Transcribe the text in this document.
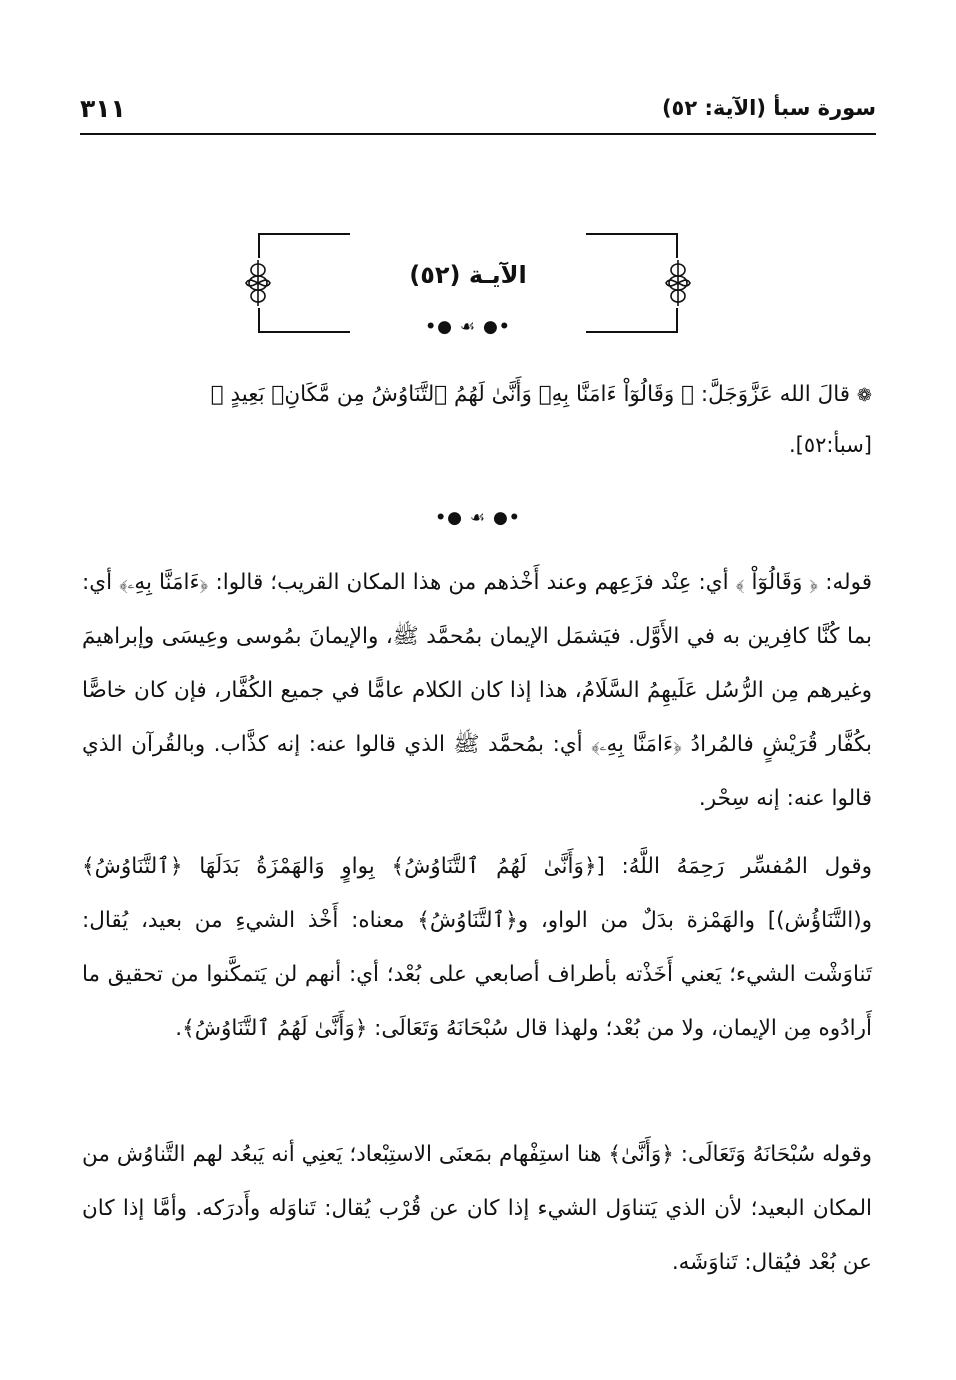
سورة سبأ (الآية: ٥٢)
٣١١
الآيـة (٥٢)
•● ☙ ●•
❁ قالَ الله عَزَّوَجَلَّ: ﴿ وَقَالُوٓاْ ءَامَنَّا بِهِۦ وَأَنَّىٰ لَهُمُ ٱلتَّنَاوُشُ مِن مَّكَانِۭ بَعِيدٍ ﴾
[سبأ:٥٢].
•● ☙ ●•
قوله: ﴿ وَقَالُوٓاْ ﴾ أي: عِنْد فزَعِهم وعند أَخْذهم من هذا المكان القريب؛ قالوا: ﴿ءَامَنَّا بِهِۦ﴾ أي: بما كُنَّا كافِرين به في الأَوَّل. فيَشمَل الإيمان بمُحمَّد ﷺ، والإيمانَ بمُوسى وعِيسَى وإبراهيمَ وغيرهم مِن الرُّسُل عَلَيهِمُ السَّلَامُ، هذا إذا كان الكلام عامًّا في جميع الكُفَّار، فإن كان خاصًّا بكُفَّار قُرَيْشٍ فالمُرادُ ﴿ءَامَنَّا بِهِۦ﴾ أي: بمُحمَّد ﷺ الذي قالوا عنه: إنه كذَّاب. وبالقُرآن الذي قالوا عنه: إنه سِحْر.
وقول المُفسِّر رَحِمَهُ اللَّهُ: [﴿وَأَنَّىٰ لَهُمُ ٱلتَّنَاوُشُ﴾ بِواوٍ وَالهَمْزَةُ بَدَلَهَا ﴿ٱلتَّنَاوُشُ﴾ و(التَّنَاؤُش)] والهَمْزة بدَلٌ من الواو، و﴿ٱلتَّنَاوُشُ﴾ معناه: أَخْذ الشيءِ من بعيد، يُقال: تَناوَشْت الشيء؛ يَعني أَخَذْته بأطراف أصابعي على بُعْد؛ أي: أنهم لن يَتمكَّنوا من تحقيق ما أَرادُوه مِن الإيمان، ولا من بُعْد؛ ولهذا قال سُبْحَانَهُ وَتَعَالَى: ﴿وَأَنَّىٰ لَهُمُ ٱلتَّنَاوُشُ﴾.
وقوله سُبْحَانَهُ وَتَعَالَى: ﴿وَأَنَّىٰ﴾ هنا استِفْهام بمَعنَى الاستِبْعاد؛ يَعنِي أنه يَبعُد لهم التَّناوُش من المكان البعيد؛ لأن الذي يَتناوَل الشيء إذا كان عن قُرْب يُقال: تَناوَله وأَدرَكه. وأمَّا إذا كان عن بُعْد فيُقال: تَناوَشَه.
